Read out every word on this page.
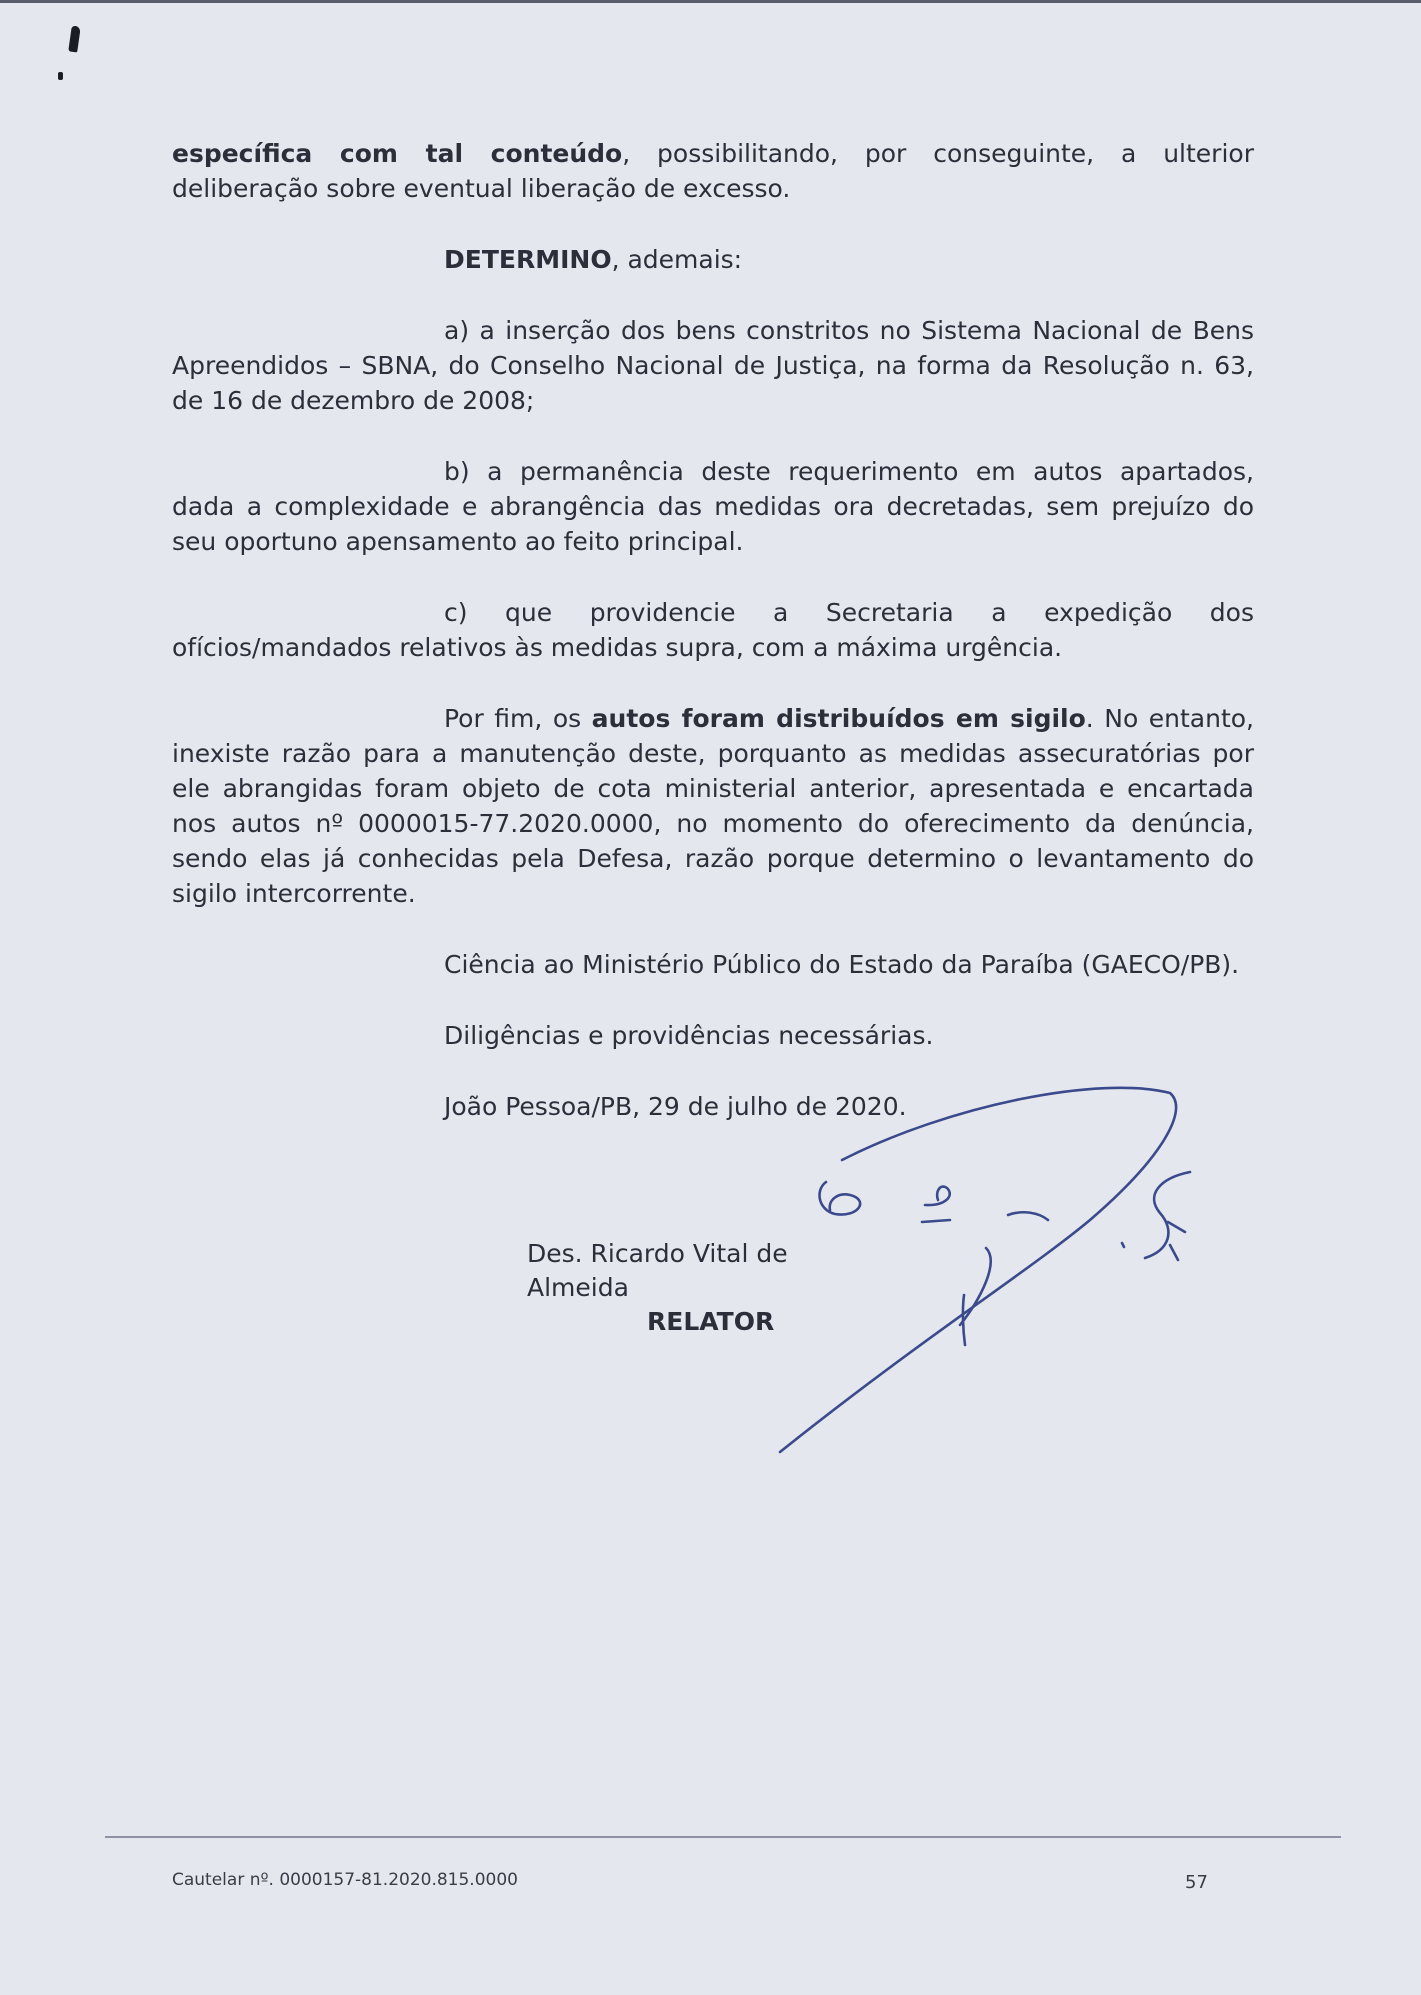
específica com tal conteúdo, possibilitando, por conseguinte, a ulterior deliberação sobre eventual liberação de excesso.

DETERMINO, ademais:

a) a inserção dos bens constritos no Sistema Nacional de Bens Apreendidos – SBNA, do Conselho Nacional de Justiça, na forma da Resolução n. 63, de 16 de dezembro de 2008;

b) a permanência deste requerimento em autos apartados, dada a complexidade e abrangência das medidas ora decretadas, sem prejuízo do seu oportuno apensamento ao feito principal.

c) que providencie a Secretaria a expedição dos ofícios/mandados relativos às medidas supra, com a máxima urgência.

Por fim, os autos foram distribuídos em sigilo. No entanto, inexiste razão para a manutenção deste, porquanto as medidas assecuratórias por ele abrangidas foram objeto de cota ministerial anterior, apresentada e encartada nos autos nº 0000015-77.2020.0000, no momento do oferecimento da denúncia, sendo elas já conhecidas pela Defesa, razão porque determino o levantamento do sigilo intercorrente.

Ciência ao Ministério Público do Estado da Paraíba (GAECO/PB).

Diligências e providências necessárias.

João Pessoa/PB, 29 de julho de 2020.

Des. Ricardo Vital de Almeida
RELATOR
Cautelar nº. 0000157-81.2020.815.0000	57
